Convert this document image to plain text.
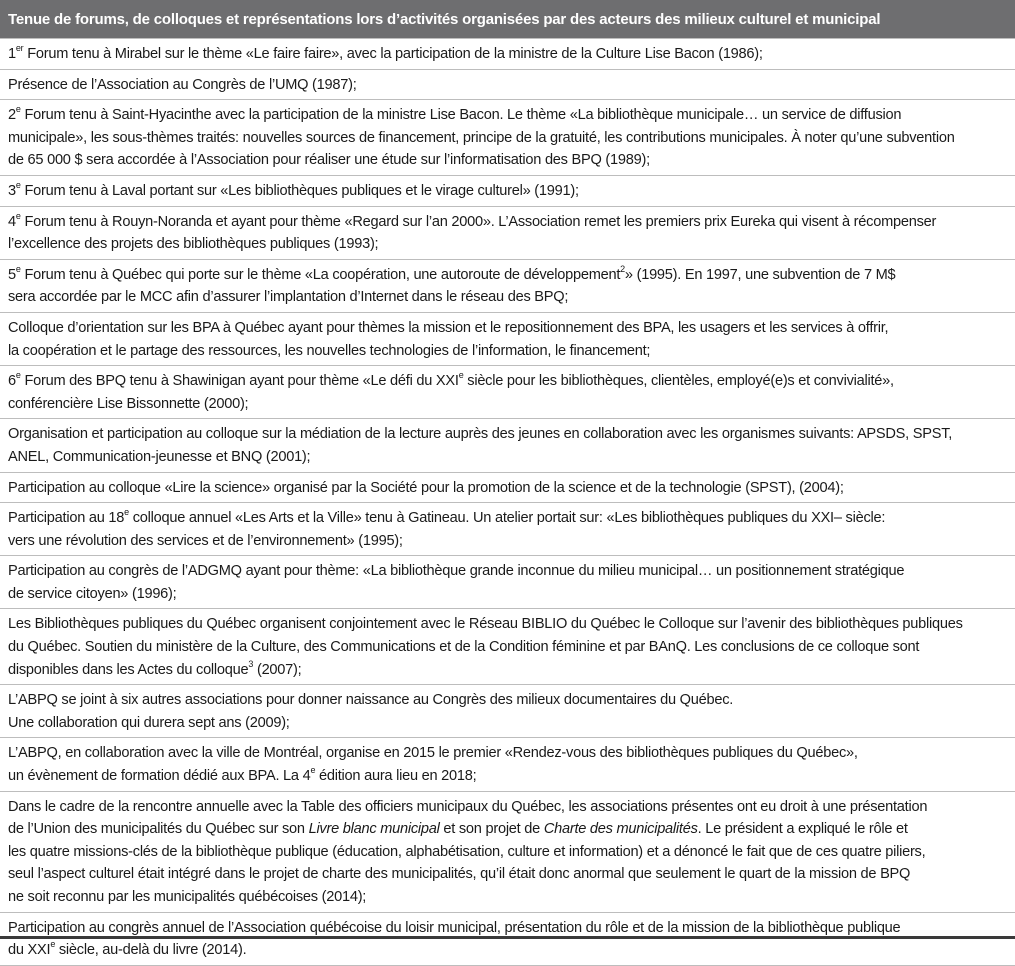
Tenue de forums, de colloques et représentations lors d’activités organisées par des acteurs des milieux culturel et municipal
1er Forum tenu à Mirabel sur le thème «Le faire faire», avec la participation de la ministre de la Culture Lise Bacon (1986);
Présence de l’Association au Congrès de l’UMQ (1987);
2e Forum tenu à Saint-Hyacinthe avec la participation de la ministre Lise Bacon. Le thème «La bibliothèque municipale… un service de diffusion
municipale», les sous-thèmes traités: nouvelles sources de financement, principe de la gratuité, les contributions municipales. À noter qu’une subvention
de 65 000 $ sera accordée à l’Association pour réaliser une étude sur l’informatisation des BPQ (1989);
3e Forum tenu à Laval portant sur «Les bibliothèques publiques et le virage culturel» (1991);
4e Forum tenu à Rouyn-Noranda et ayant pour thème «Regard sur l’an 2000». L’Association remet les premiers prix Eureka qui visent à récompenser
l’excellence des projets des bibliothèques publiques (1993);
5e Forum tenu à Québec qui porte sur le thème «La coopération, une autoroute de développement$^2$» (1995). En 1997, une subvention de 7 M$
sera accordée par le MCC afin d’assurer l’implantation d’Internet dans le réseau des BPQ;
Colloque d’orientation sur les BPA à Québec ayant pour thèmes la mission et le repositionnement des BPA, les usagers et les services à offrir,
la coopération et le partage des ressources, les nouvelles technologies de l’information, le financement;
6e Forum des BPQ tenu à Shawinigan ayant pour thème «Le défi du XXIe siècle pour les bibliothèques, clientèles, employé(e)s et convivialité»,
conférencière Lise Bissonnette (2000);
Organisation et participation au colloque sur la médiation de la lecture auprès des jeunes en collaboration avec les organismes suivants: APSDS, SPST,
ANEL, Communication-jeunesse et BNQ (2001);
Participation au colloque «Lire la science» organisé par la Société pour la promotion de la science et de la technologie (SPST), (2004);
Participation au 18e colloque annuel «Les Arts et la Ville» tenu à Gatineau. Un atelier portait sur: «Les bibliothèques publiques du XXI– siècle:
vers une révolution des services et de l’environnement» (1995);
Participation au congrès de l’ADGMQ ayant pour thème: «La bibliothèque grande inconnue du milieu municipal… un positionnement stratégique
de service citoyen» (1996);
Les Bibliothèques publiques du Québec organisent conjointement avec le Réseau BIBLIO du Québec le Colloque sur l’avenir des bibliothèques publiques
du Québec. Soutien du ministère de la Culture, des Communications et de la Condition féminine et par BAnQ. Les conclusions de ce colloque sont
disponibles dans les Actes du colloque$^3$ (2007);
L’ABPQ se joint à six autres associations pour donner naissance au Congrès des milieux documentaires du Québec.
Une collaboration qui durera sept ans (2009);
L’ABPQ, en collaboration avec la ville de Montréal, organise en 2015 le premier «Rendez-vous des bibliothèques publiques du Québec»,
un évènement de formation dédié aux BPA. La 4e édition aura lieu en 2018;
Dans le cadre de la rencontre annuelle avec la Table des officiers municipaux du Québec, les associations présentes ont eu droit à une présentation
de l’Union des municipalités du Québec sur son Livre blanc municipal et son projet de Charte des municipalités. Le président a expliqué le rôle et
les quatre missions-clés de la bibliothèque publique (éducation, alphabétisation, culture et information) et a dénoncé le fait que de ces quatre piliers,
seul l’aspect culturel était intégré dans le projet de charte des municipalités, qu’il était donc anormal que seulement le quart de la mission de BPQ
ne soit reconnu par les municipalités québécoises (2014);
Participation au congrès annuel de l’Association québécoise du loisir municipal, présentation du rôle et de la mission de la bibliothèque publique
du XXIe siècle, au-delà du livre (2014).
